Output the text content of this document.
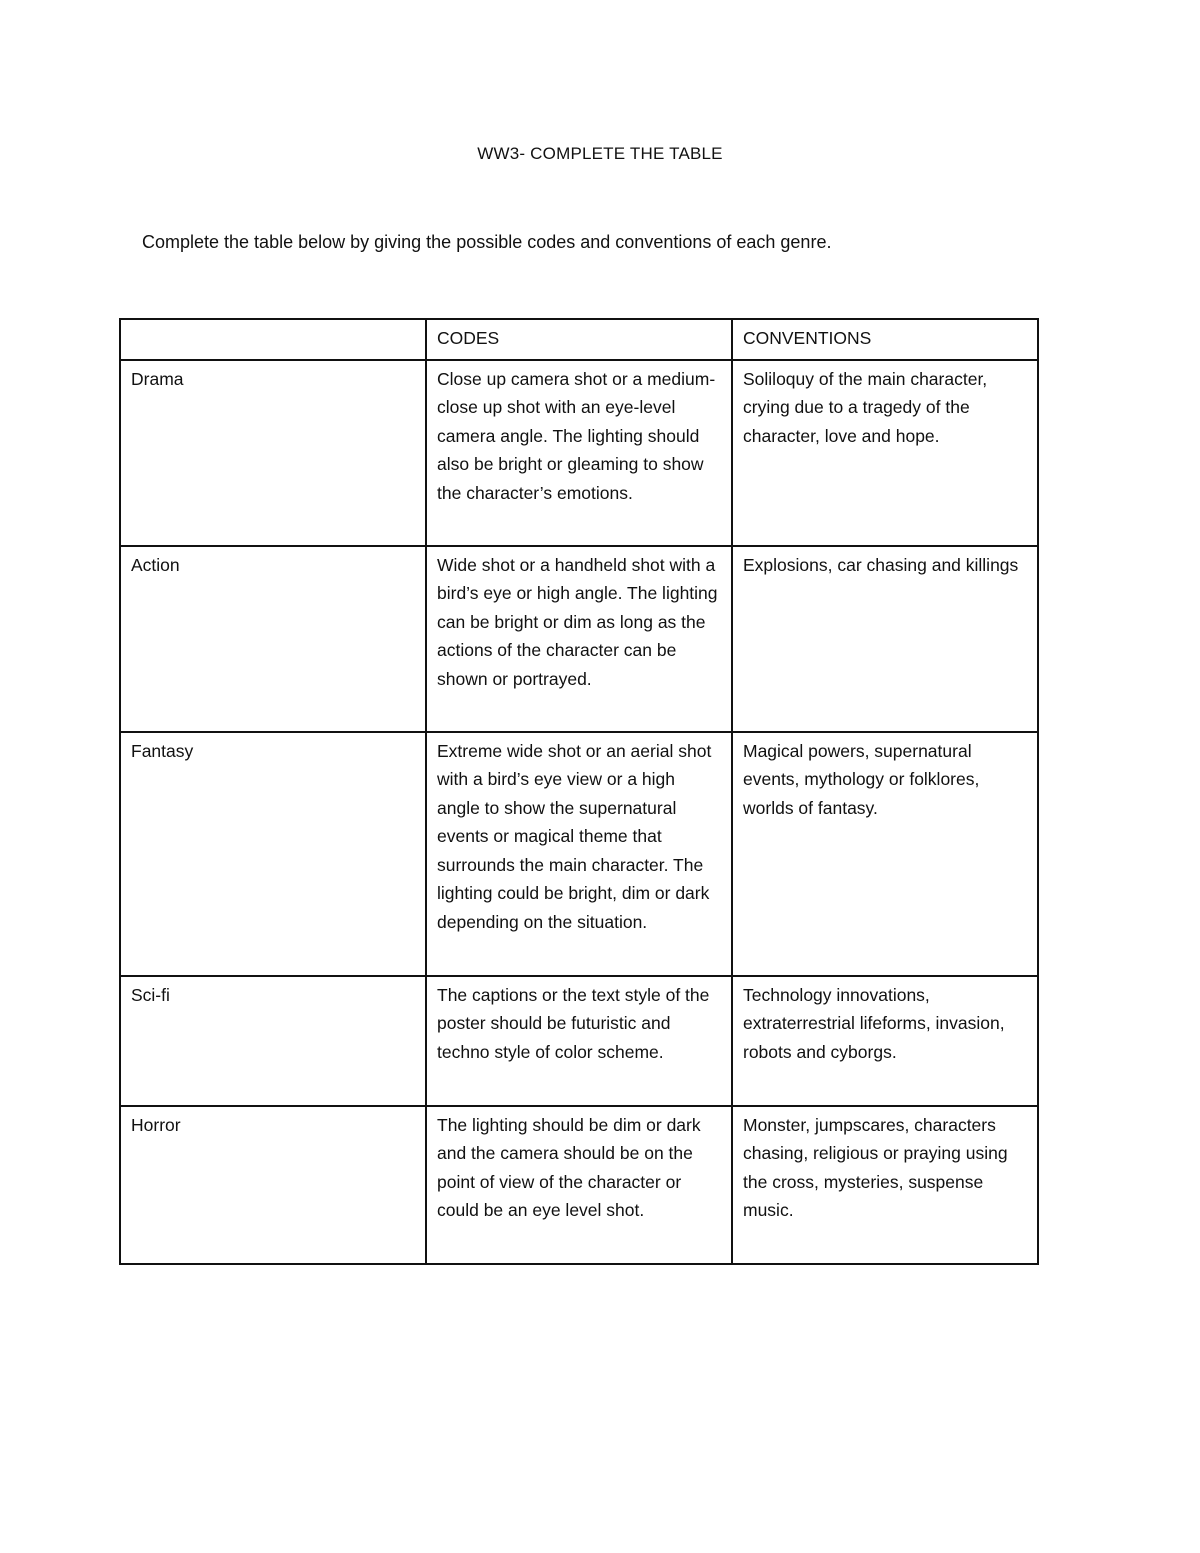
WW3- COMPLETE THE TABLE
Complete the table below by giving the possible codes and conventions of each genre.
	CODES	CONVENTIONS
Drama	Close up camera shot or a medium-close up shot with an eye-level camera angle. The lighting should also be bright or gleaming to show the character’s emotions.	Soliloquy of the main character, crying due to a tragedy of the character, love and hope.
Action	Wide shot or a handheld shot with a bird’s eye or high angle. The lighting can be bright or dim as long as the actions of the character can be shown or portrayed.	Explosions, car chasing and killings
Fantasy	Extreme wide shot or an aerial shot with a bird’s eye view or a high angle to show the supernatural events or magical theme that surrounds the main character. The lighting could be bright, dim or dark depending on the situation.	Magical powers, supernatural events, mythology or folklores, worlds of fantasy.
Sci-fi	The captions or the text style of the poster should be futuristic and techno style of color scheme.	Technology innovations, extraterrestrial lifeforms, invasion, robots and cyborgs.
Horror	The lighting should be dim or dark and the camera should be on the point of view of the character or could be an eye level shot.	Monster, jumpscares, characters chasing, religious or praying using the cross, mysteries, suspense music.
